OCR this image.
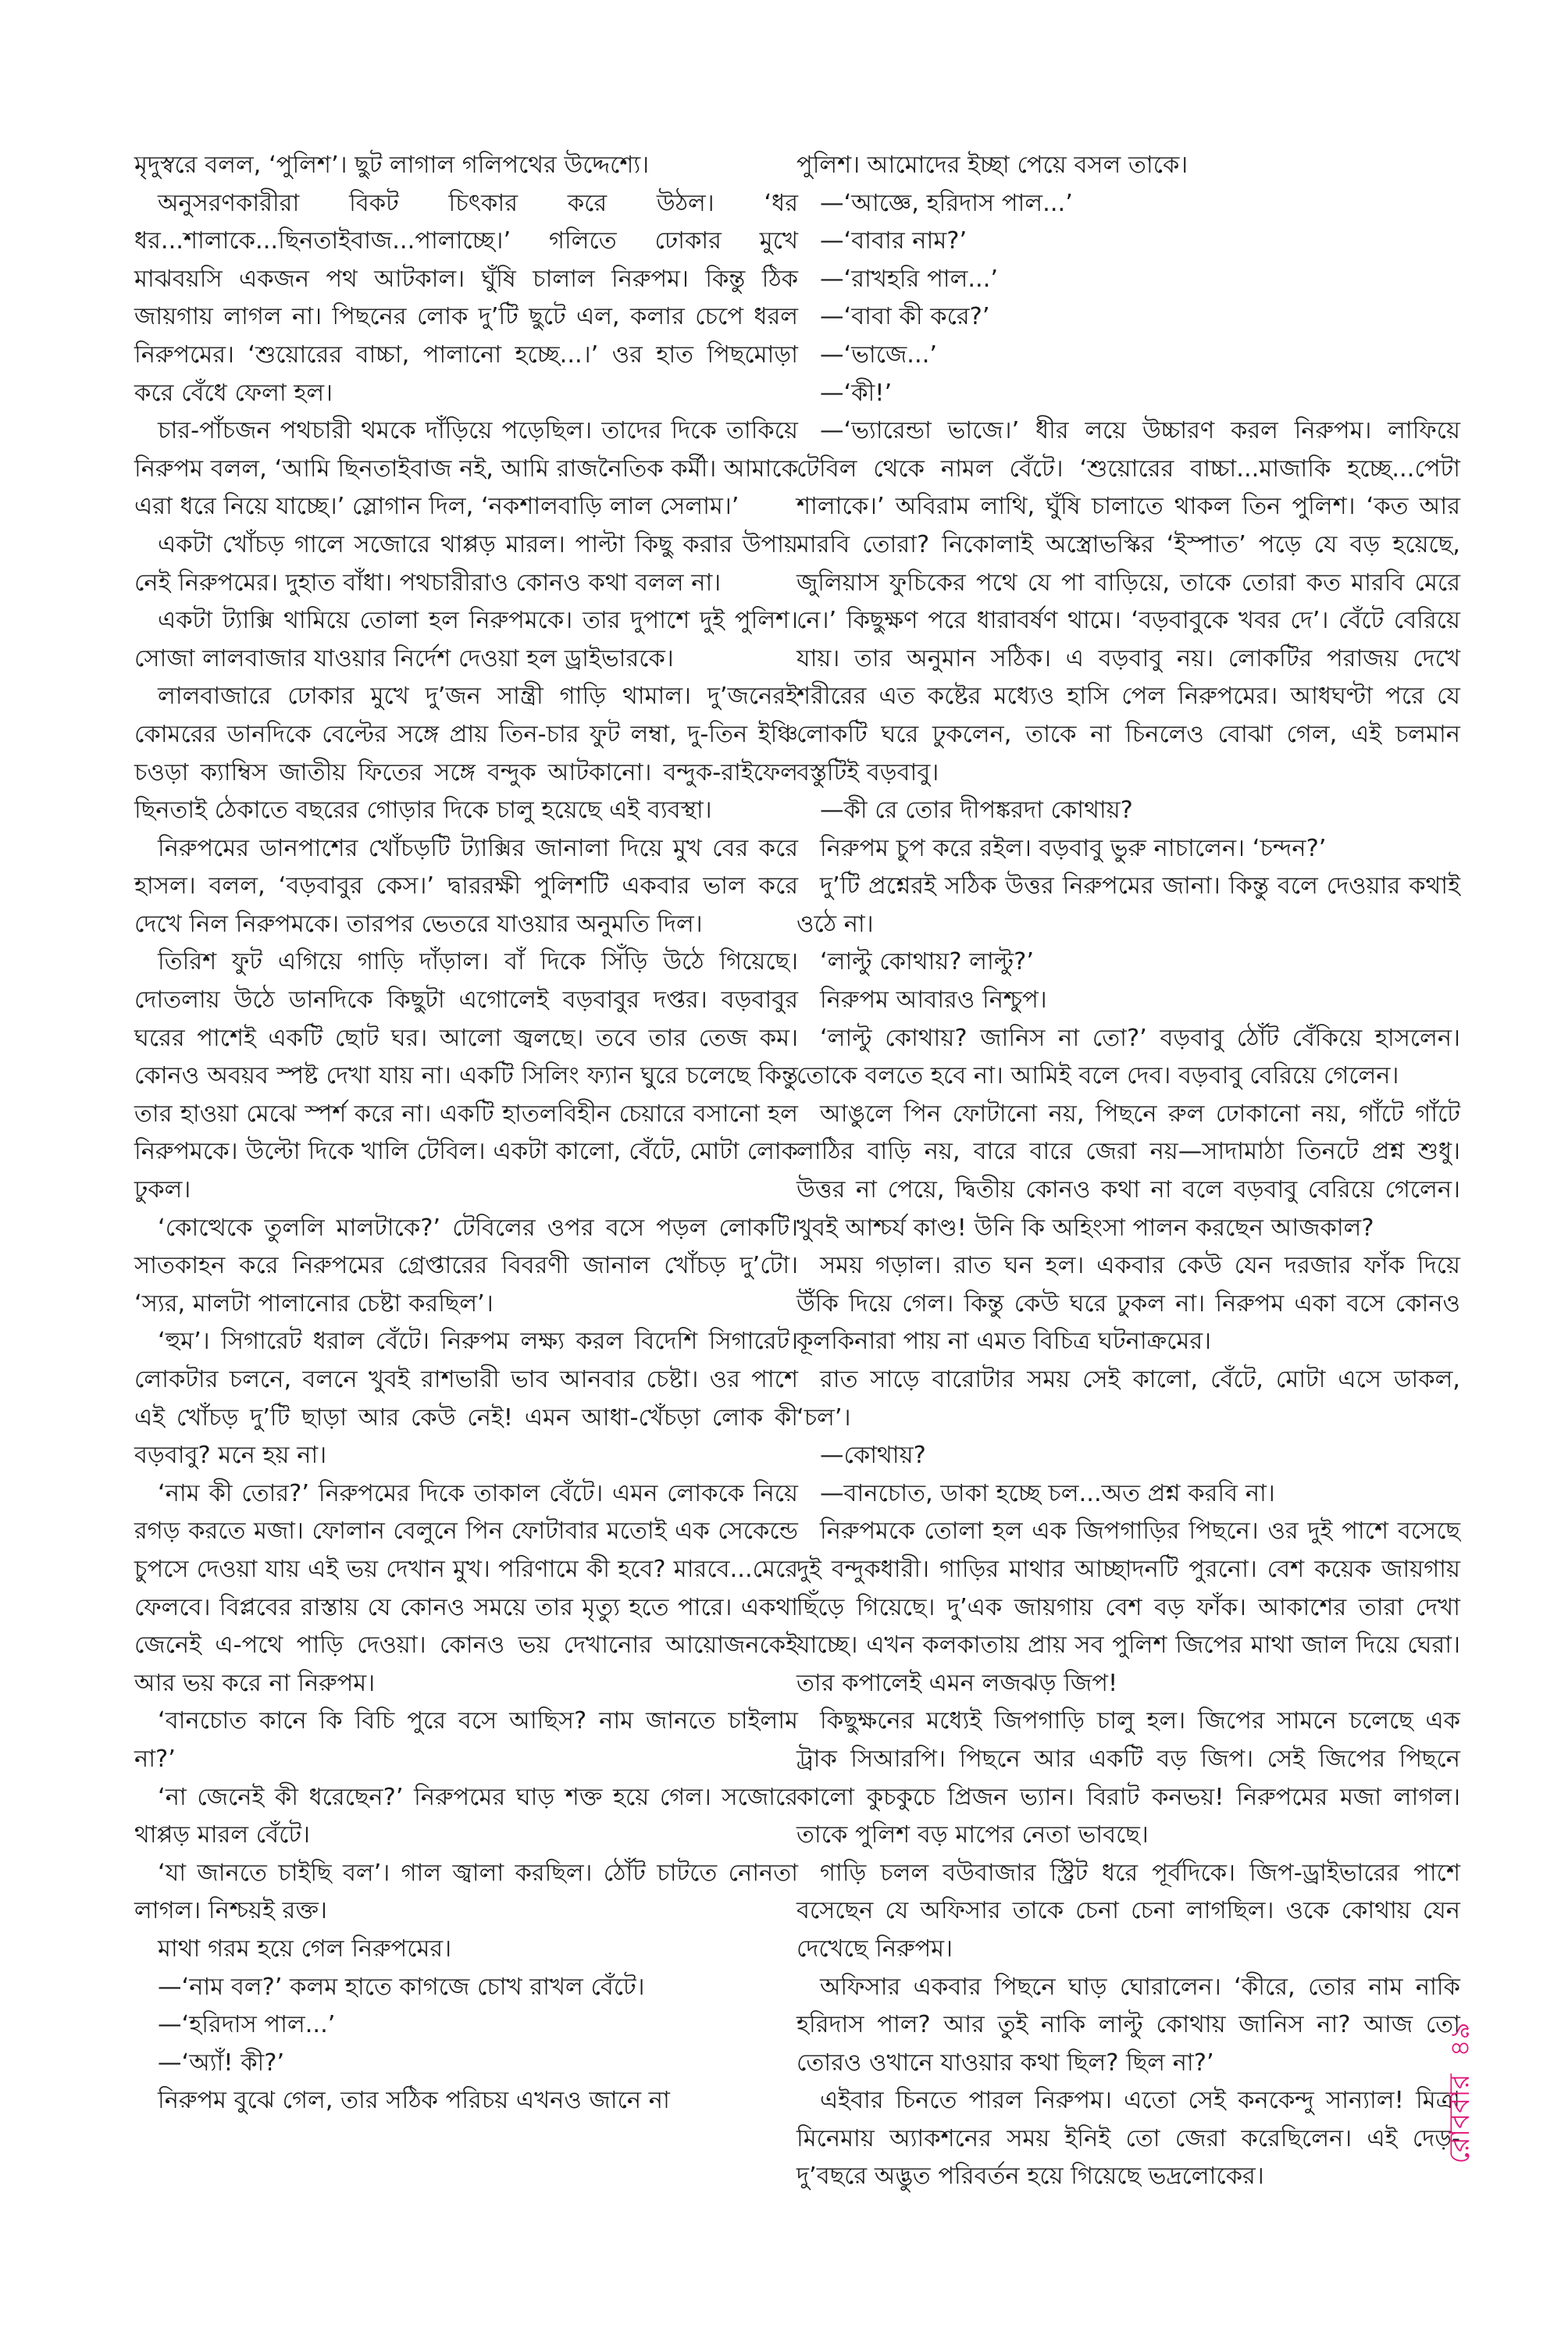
মৃদুস্বরে বলল, ‘পুলিশ’। ছুট লাগাল গলিপথের উদ্দেশ্যে।

অনুসরণকারীরা বিকট চিৎকার করে উঠল। ‘ধর ধর...শালাকে...ছিনতাইবাজ...পালাচ্ছে।’ গলিতে ঢোকার মুখে মাঝবয়সি একজন পথ আটকাল। ঘুঁষি চালাল নিরুপম। কিন্তু ঠিক জায়গায় লাগল না। পিছনের লোক দু’টি ছুটে এল, কলার চেপে ধরল নিরুপমের। ‘শুয়োরের বাচ্চা, পালানো হচ্ছে...।’ ওর হাত পিছমোড়া করে বেঁধে ফেলা হল।

চার-পাঁচজন পথচারী থমকে দাঁড়িয়ে পড়েছিল। তাদের দিকে তাকিয়ে নিরুপম বলল, ‘আমি ছিনতাইবাজ নই, আমি রাজনৈতিক কর্মী। আমাকে এরা ধরে নিয়ে যাচ্ছে।’ স্লোগান দিল, ‘নকশালবাড়ি লাল সেলাম।’

একটা খোঁচড় গালে সজোরে থাপ্পড় মারল। পাল্টা কিছু করার উপায় নেই নিরুপমের। দুহাত বাঁধা। পথচারীরাও কোনও কথা বলল না।

একটা ট্যাক্সি থামিয়ে তোলা হল নিরুপমকে। তার দুপাশে দুই পুলিশ। সোজা লালবাজার যাওয়ার নির্দেশ দেওয়া হল ড্রাইভারকে।

লালবাজারে ঢোকার মুখে দু’জন সান্ত্রী গাড়ি থামাল। দু’জনেরই কোমরের ডানদিকে বেল্টের সঙ্গে প্রায় তিন-চার ফুট লম্বা, দু-তিন ইঞ্চি চওড়া ক্যাম্বিস জাতীয় ফিতের সঙ্গে বন্দুক আটকানো। বন্দুক-রাইফেল ছিনতাই ঠেকাতে বছরের গোড়ার দিকে চালু হয়েছে এই ব্যবস্থা।

নিরুপমের ডানপাশের খোঁচড়টি ট্যাক্সির জানালা দিয়ে মুখ বের করে হাসল। বলল, ‘বড়বাবুর কেস।’ দ্বাররক্ষী পুলিশটি একবার ভাল করে দেখে নিল নিরুপমকে। তারপর ভেতরে যাওয়ার অনুমতি দিল।

তিরিশ ফুট এগিয়ে গাড়ি দাঁড়াল। বাঁ দিকে সিঁড়ি উঠে গিয়েছে। দোতলায় উঠে ডানদিকে কিছুটা এগোলেই বড়বাবুর দপ্তর। বড়বাবুর ঘরের পাশেই একটি ছোট ঘর। আলো জ্বলছে। তবে তার তেজ কম। কোনও অবয়ব স্পষ্ট দেখা যায় না। একটি সিলিং ফ্যান ঘুরে চলেছে কিন্তু তার হাওয়া মেঝে স্পর্শ করে না। একটি হাতলবিহীন চেয়ারে বসানো হল নিরুপমকে। উল্টো দিকে খালি টেবিল। একটা কালো, বেঁটে, মোটা লোক ঢুকল।

‘কোত্থেকে তুললি মালটাকে?’ টেবিলের ওপর বসে পড়ল লোকটি। সাতকাহন করে নিরুপমের গ্রেপ্তারের বিবরণী জানাল খোঁচড় দু’টো। ‘স্যর, মালটা পালানোর চেষ্টা করছিল’।

‘হুম’। সিগারেট ধরাল বেঁটে। নিরুপম লক্ষ্য করল বিদেশি সিগারেট। লোকটার চলনে, বলনে খুবই রাশভারী ভাব আনবার চেষ্টা। ওর পাশে এই খোঁচড় দু’টি ছাড়া আর কেউ নেই! এমন আধা-খেঁচড়া লোক কী বড়বাবু? মনে হয় না।

‘নাম কী তোর?’ নিরুপমের দিকে তাকাল বেঁটে। এমন লোককে নিয়ে রগড় করতে মজা। ফোলান বেলুনে পিন ফোটাবার মতোই এক সেকেন্ডে চুপসে দেওয়া যায় এই ভয় দেখান মুখ। পরিণামে কী হবে? মারবে...মেরে ফেলবে। বিপ্লবের রাস্তায় যে কোনও সময়ে তার মৃত্যু হতে পারে। একথা জেনেই এ-পথে পাড়ি দেওয়া। কোনও ভয় দেখানোর আয়োজনকেই আর ভয় করে না নিরুপম।

‘বানচোত কানে কি বিচি পুরে বসে আছিস? নাম জানতে চাইলাম না?’

‘না জেনেই কী ধরেছেন?’ নিরুপমের ঘাড় শক্ত হয়ে গেল। সজোরে থাপ্পড় মারল বেঁটে।

‘যা জানতে চাইছি বল’। গাল জ্বালা করছিল। ঠোঁট চাটতে নোনতা লাগল। নিশ্চয়ই রক্ত।

মাথা গরম হয়ে গেল নিরুপমের।

—‘নাম বল?’ কলম হাতে কাগজে চোখ রাখল বেঁটে।

—‘হরিদাস পাল...’

—‘অ্যাঁ! কী?’

নিরুপম বুঝে গেল, তার সঠিক পরিচয় এখনও জানে না

পুলিশ। আমোদের ইচ্ছা পেয়ে বসল তাকে।

—‘আজ্ঞে, হরিদাস পাল...’

—‘বাবার নাম?’

—‘রাখহরি পাল...’

—‘বাবা কী করে?’

—‘ভাজে...’

—‘কী!’

—‘ভ্যারেন্ডা ভাজে।’ ধীর লয়ে উচ্চারণ করল নিরুপম। লাফিয়ে টেবিল থেকে নামল বেঁটে। ‘শুয়োরের বাচ্চা...মাজাকি হচ্ছে...পেটা শালাকে।’ অবিরাম লাথি, ঘুঁষি চালাতে থাকল তিন পুলিশ। ‘কত আর মারবি তোরা? নিকোলাই অস্ত্রোভস্কির ‘ইস্পাত’ পড়ে যে বড় হয়েছে, জুলিয়াস ফুচিকের পথে যে পা বাড়িয়ে, তাকে তোরা কত মারবি মেরে নে।’ কিছুক্ষণ পরে ধারাবর্ষণ থামে। ‘বড়বাবুকে খবর দে’। বেঁটে বেরিয়ে যায়। তার অনুমান সঠিক। এ বড়বাবু নয়। লোকটির পরাজয় দেখে শরীরের এত কষ্টের মধ্যেও হাসি পেল নিরুপমের। আধঘণ্টা পরে যে লোকটি ঘরে ঢুকলেন, তাকে না চিনলেও বোঝা গেল, এই চলমান বস্তুটিই বড়বাবু।

—কী রে তোর দীপঙ্করদা কোথায়?

নিরুপম চুপ করে রইল। বড়বাবু ভুরু নাচালেন। ‘চন্দন?’

দু’টি প্রশ্নেরই সঠিক উত্তর নিরুপমের জানা। কিন্তু বলে দেওয়ার কথাই ওঠে না।

‘লাল্টু কোথায়? লাল্টু?’

নিরুপম আবারও নিশ্চুপ।

‘লাল্টু কোথায়? জানিস না তো?’ বড়বাবু ঠোঁট বেঁকিয়ে হাসলেন। তোকে বলতে হবে না। আমিই বলে দেব। বড়বাবু বেরিয়ে গেলেন।

আঙুলে পিন ফোটানো নয়, পিছনে রুল ঢোকানো নয়, গাঁটে গাঁটে লাঠির বাড়ি নয়, বারে বারে জেরা নয়—সাদামাঠা তিনটে প্রশ্ন শুধু। উত্তর না পেয়ে, দ্বিতীয় কোনও কথা না বলে বড়বাবু বেরিয়ে গেলেন। খুবই আশ্চর্য কাণ্ড! উনি কি অহিংসা পালন করছেন আজকাল?

সময় গড়াল। রাত ঘন হল। একবার কেউ যেন দরজার ফাঁক দিয়ে উঁকি দিয়ে গেল। কিন্তু কেউ ঘরে ঢুকল না। নিরুপম একা বসে কোনও কূলকিনারা পায় না এমত বিচিত্র ঘটনাক্রমের।

রাত সাড়ে বারোটার সময় সেই কালো, বেঁটে, মোটা এসে ডাকল, ‘চল’।

—কোথায়?

—বানচোত, ডাকা হচ্ছে চল...অত প্রশ্ন করবি না।

নিরুপমকে তোলা হল এক জিপগাড়ির পিছনে। ওর দুই পাশে বসেছে দুই বন্দুকধারী। গাড়ির মাথার আচ্ছাদনটি পুরনো। বেশ কয়েক জায়গায় ছিঁড়ে গিয়েছে। দু’এক জায়গায় বেশ বড় ফাঁক। আকাশের তারা দেখা যাচ্ছে। এখন কলকাতায় প্রায় সব পুলিশ জিপের মাথা জাল দিয়ে ঘেরা। তার কপালেই এমন লজঝড় জিপ!

কিছুক্ষনের মধ্যেই জিপগাড়ি চালু হল। জিপের সামনে চলেছে এক ট্রাক সিআরপি। পিছনে আর একটি বড় জিপ। সেই জিপের পিছনে কালো কুচকুচে প্রিজন ভ্যান। বিরাট কনভয়! নিরুপমের মজা লাগল। তাকে পুলিশ বড় মাপের নেতা ভাবছে।

গাড়ি চলল বউবাজার স্ট্রিট ধরে পূর্বদিকে। জিপ-ড্রাইভারের পাশে বসেছেন যে অফিসার তাকে চেনা চেনা লাগছিল। ওকে কোথায় যেন দেখেছে নিরুপম।

অফিসার একবার পিছনে ঘাড় ঘোরালেন। ‘কীরে, তোর নাম নাকি হরিদাস পাল? আর তুই নাকি লাল্টু কোথায় জানিস না? আজ তো তোরও ওখানে যাওয়ার কথা ছিল? ছিল না?’

এইবার চিনতে পারল নিরুপম। এতো সেই কনকেন্দু সান্যাল! মিত্রা মিনেমায় অ্যাকশনের সময় ইনিই তো জেরা করেছিলেন। এই দেড়-দু’বছরে অদ্ভুত পরিবর্তন হয়ে গিয়েছে ভদ্রলোকের।

রোববার
৪৯
